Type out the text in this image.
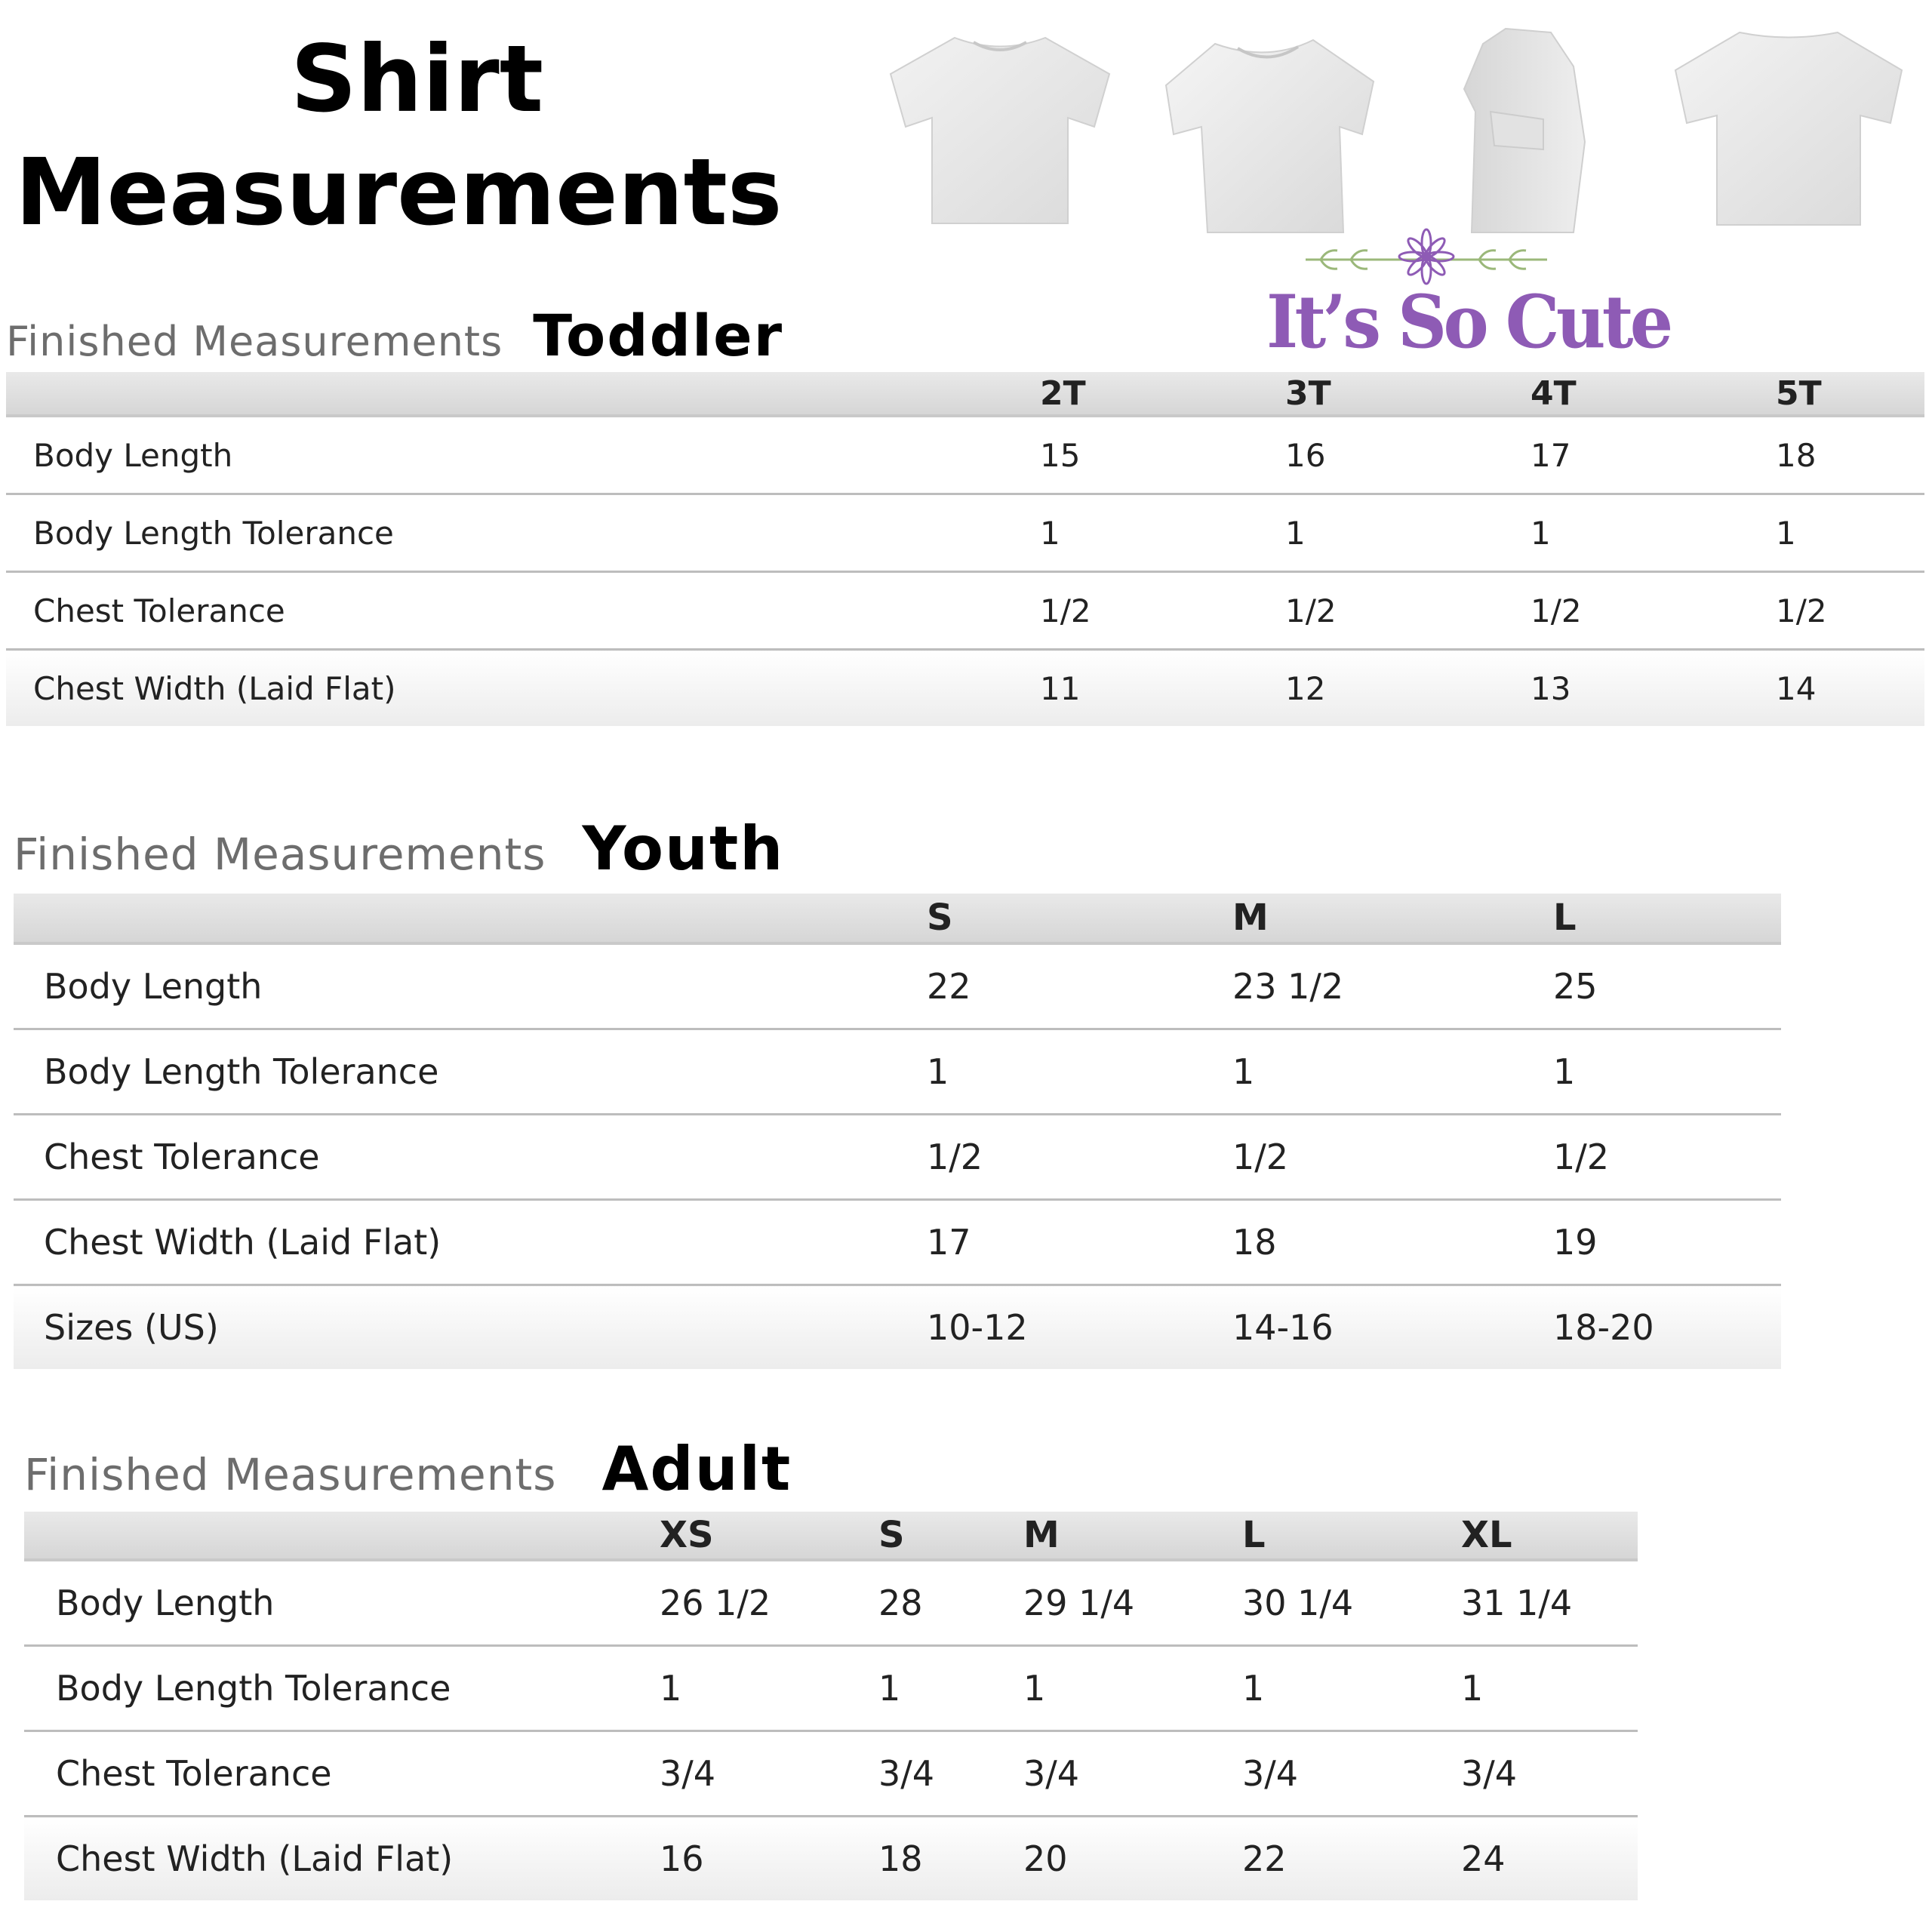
Shirt
Measurements
It’s So Cute
Finished Measurements Toddler
	2T	3T	4T	5T
Body Length	15	16	17	18
Body Length Tolerance	1	1	1	1
Chest Tolerance	1/2	1/2	1/2	1/2
Chest Width (Laid Flat)	11	12	13	14
Finished Measurements Youth
	S	M	L
Body Length	22	23 1/2	25
Body Length Tolerance	1	1	1
Chest Tolerance	1/2	1/2	1/2
Chest Width (Laid Flat)	17	18	19
Sizes (US)	10-12	14-16	18-20
Finished Measurements Adult
	XS	S	M	L	XL
Body Length	26 1/2	28	29 1/4	30 1/4	31 1/4
Body Length Tolerance	1	1	1	1	1
Chest Tolerance	3/4	3/4	3/4	3/4	3/4
Chest Width (Laid Flat)	16	18	20	22	24
